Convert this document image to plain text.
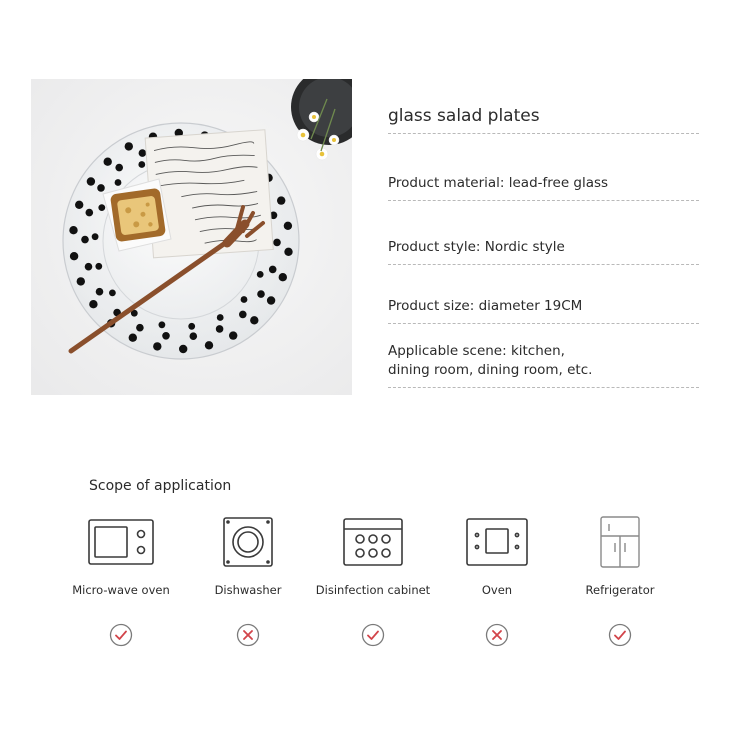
glass salad plates
Product material: lead-free glass
Product style: Nordic style
Product size: diameter 19CM
Applicable scene: kitchen,
dining room, dining room, etc.
Scope of application
Micro-wave oven	Dishwasher	Disinfection cabinet	Oven	Refrigerator
